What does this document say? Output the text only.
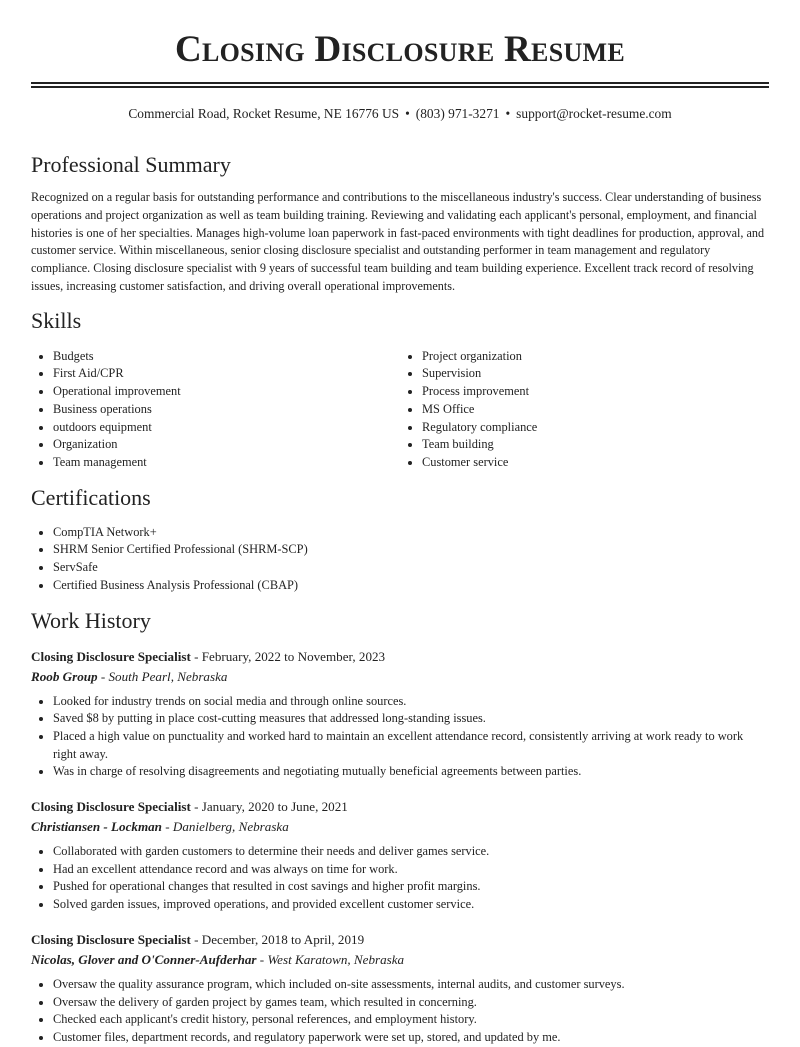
Closing Disclosure Resume
Commercial Road, Rocket Resume, NE 16776 US • (803) 971-3271 • support@rocket-resume.com
Professional Summary

Recognized on a regular basis for outstanding performance and contributions to the miscellaneous industry's success. Clear understanding of business operations and project organization as well as team building training. Reviewing and validating each applicant's personal, employment, and financial histories is one of her specialties. Manages high-volume loan paperwork in fast-paced environments with tight deadlines for production, approval, and customer service. Within miscellaneous, senior closing disclosure specialist and outstanding performer in team management and regulatory compliance. Closing disclosure specialist with 9 years of successful team building and team building experience. Excellent track record of resolving issues, increasing customer satisfaction, and driving overall operational improvements.

Skills
• Budgets
• First Aid/CPR
• Operational improvement
• Business operations
• outdoors equipment
• Organization
• Team management
• Project organization
• Supervision
• Process improvement
• MS Office
• Regulatory compliance
• Team building
• Customer service
Certifications
• CompTIA Network+
• SHRM Senior Certified Professional (SHRM-SCP)
• ServSafe
• Certified Business Analysis Professional (CBAP)
Work History
Closing Disclosure Specialist - February, 2022 to November, 2023
Roob Group - South Pearl, Nebraska
• Looked for industry trends on social media and through online sources.
• Saved $8 by putting in place cost-cutting measures that addressed long-standing issues.
• Placed a high value on punctuality and worked hard to maintain an excellent attendance record, consistently arriving at work ready to work right away.
• Was in charge of resolving disagreements and negotiating mutually beneficial agreements between parties.
Closing Disclosure Specialist - January, 2020 to June, 2021
Christiansen - Lockman - Danielberg, Nebraska
• Collaborated with garden customers to determine their needs and deliver games service.
• Had an excellent attendance record and was always on time for work.
• Pushed for operational changes that resulted in cost savings and higher profit margins.
• Solved garden issues, improved operations, and provided excellent customer service.
Closing Disclosure Specialist - December, 2018 to April, 2019
Nicolas, Glover and O'Conner-Aufderhar - West Karatown, Nebraska
• Oversaw the quality assurance program, which included on-site assessments, internal audits, and customer surveys.
• Oversaw the delivery of garden project by games team, which resulted in concerning.
• Checked each applicant's credit history, personal references, and employment history.
• Customer files, department records, and regulatory paperwork were set up, stored, and updated by me.
